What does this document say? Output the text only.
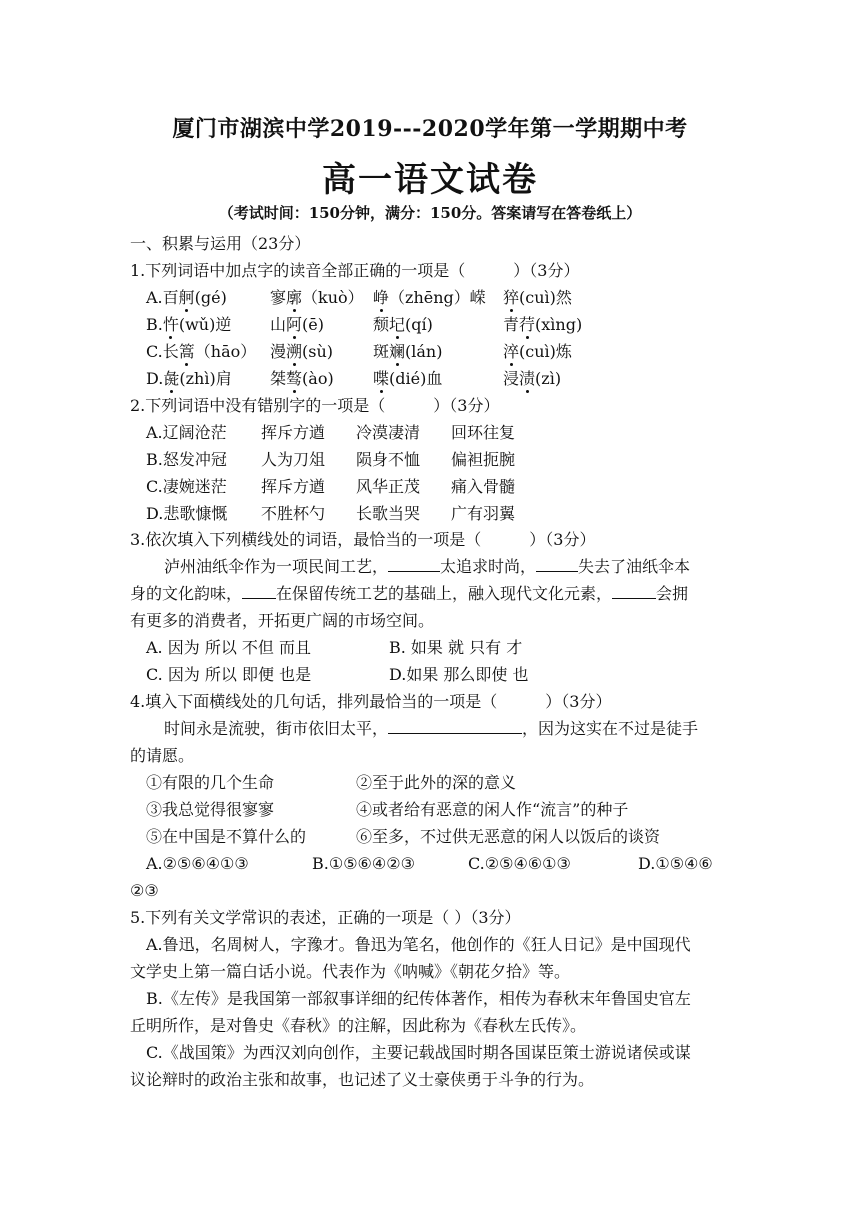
厦门市湖滨中学2019---2020学年第一学期期中考
高一语文试卷
（考试时间：150分钟，满分：150分。答案请写在答卷纸上）
一、积累与运用（23分）
1.下列词语中加点字的读音全部正确的一项是（　　　）（3分）
A.百舸(gé)	寥廓（kuò） 峥（zhēng）嵘 猝(cuì)然
B.忤(wǔ)逆 山阿(ē)	颓圮(qí)	青荇(xìng)
C.长篙（hāo） 漫溯(sù) 斑斓(lán)	淬(cuì)炼
D.彘(zhì)肩 桀骜(ào) 喋(dié)血	浸渍(zì)
2.下列词语中没有错别字的一项是（　　　）（3分）
A.辽阔沧茫 挥斥方遒 冷漠凄清 回环往复
B.怒发冲冠 人为刀俎 陨身不恤 偏袒扼腕
C.凄婉迷茫 挥斥方遒 风华正茂 痛入骨髓
D.悲歌慷慨 不胜杯勺 长歌当哭 广有羽翼
3.依次填入下列横线处的词语，最恰当的一项是（　　　）（3分）
泸州油纸伞作为一项民间工艺，	太追求时尚，	失去了油纸伞本
身的文化韵味， 在保留传统工艺的基础上，融入现代文化元素，	会拥
有更多的消费者，开拓更广阔的市场空间。
A. 因为 所以 不但 而且	B. 如果 就 只有 才
C. 因为 所以 即便 也是	D.如果 那么即使 也
4.填入下面横线处的几句话，排列最恰当的一项是（　　　）（3分）
时间永是流驶，街市依旧太平，	，因为这实在不过是徒手
的请愿。
①有限的几个生命	②至于此外的深的意义
③我总觉得很寥寥	④或者给有恶意的闲人作“流言”的种子
⑤在中国是不算什么的	⑥至多，不过供无恶意的闲人以饭后的谈资
A.②⑤⑥④①③	B.①⑤⑥④②③	C.②⑤④⑥①③	D.①⑤④⑥
②③
5.下列有关文学常识的表述，正确的一项是（ ）（3分）
A.鲁迅，名周树人，字豫才。鲁迅为笔名，他创作的《狂人日记》是中国现代
文学史上第一篇白话小说。代表作为《呐喊》《朝花夕拾》等。
B.《左传》是我国第一部叙事详细的纪传体著作，相传为春秋末年鲁国史官左
丘明所作，是对鲁史《春秋》的注解，因此称为《春秋左氏传》。
C.《战国策》为西汉刘向创作，主要记载战国时期各国谋臣策士游说诸侯或谋
议论辩时的政治主张和故事，也记述了义士豪侠勇于斗争的行为。
